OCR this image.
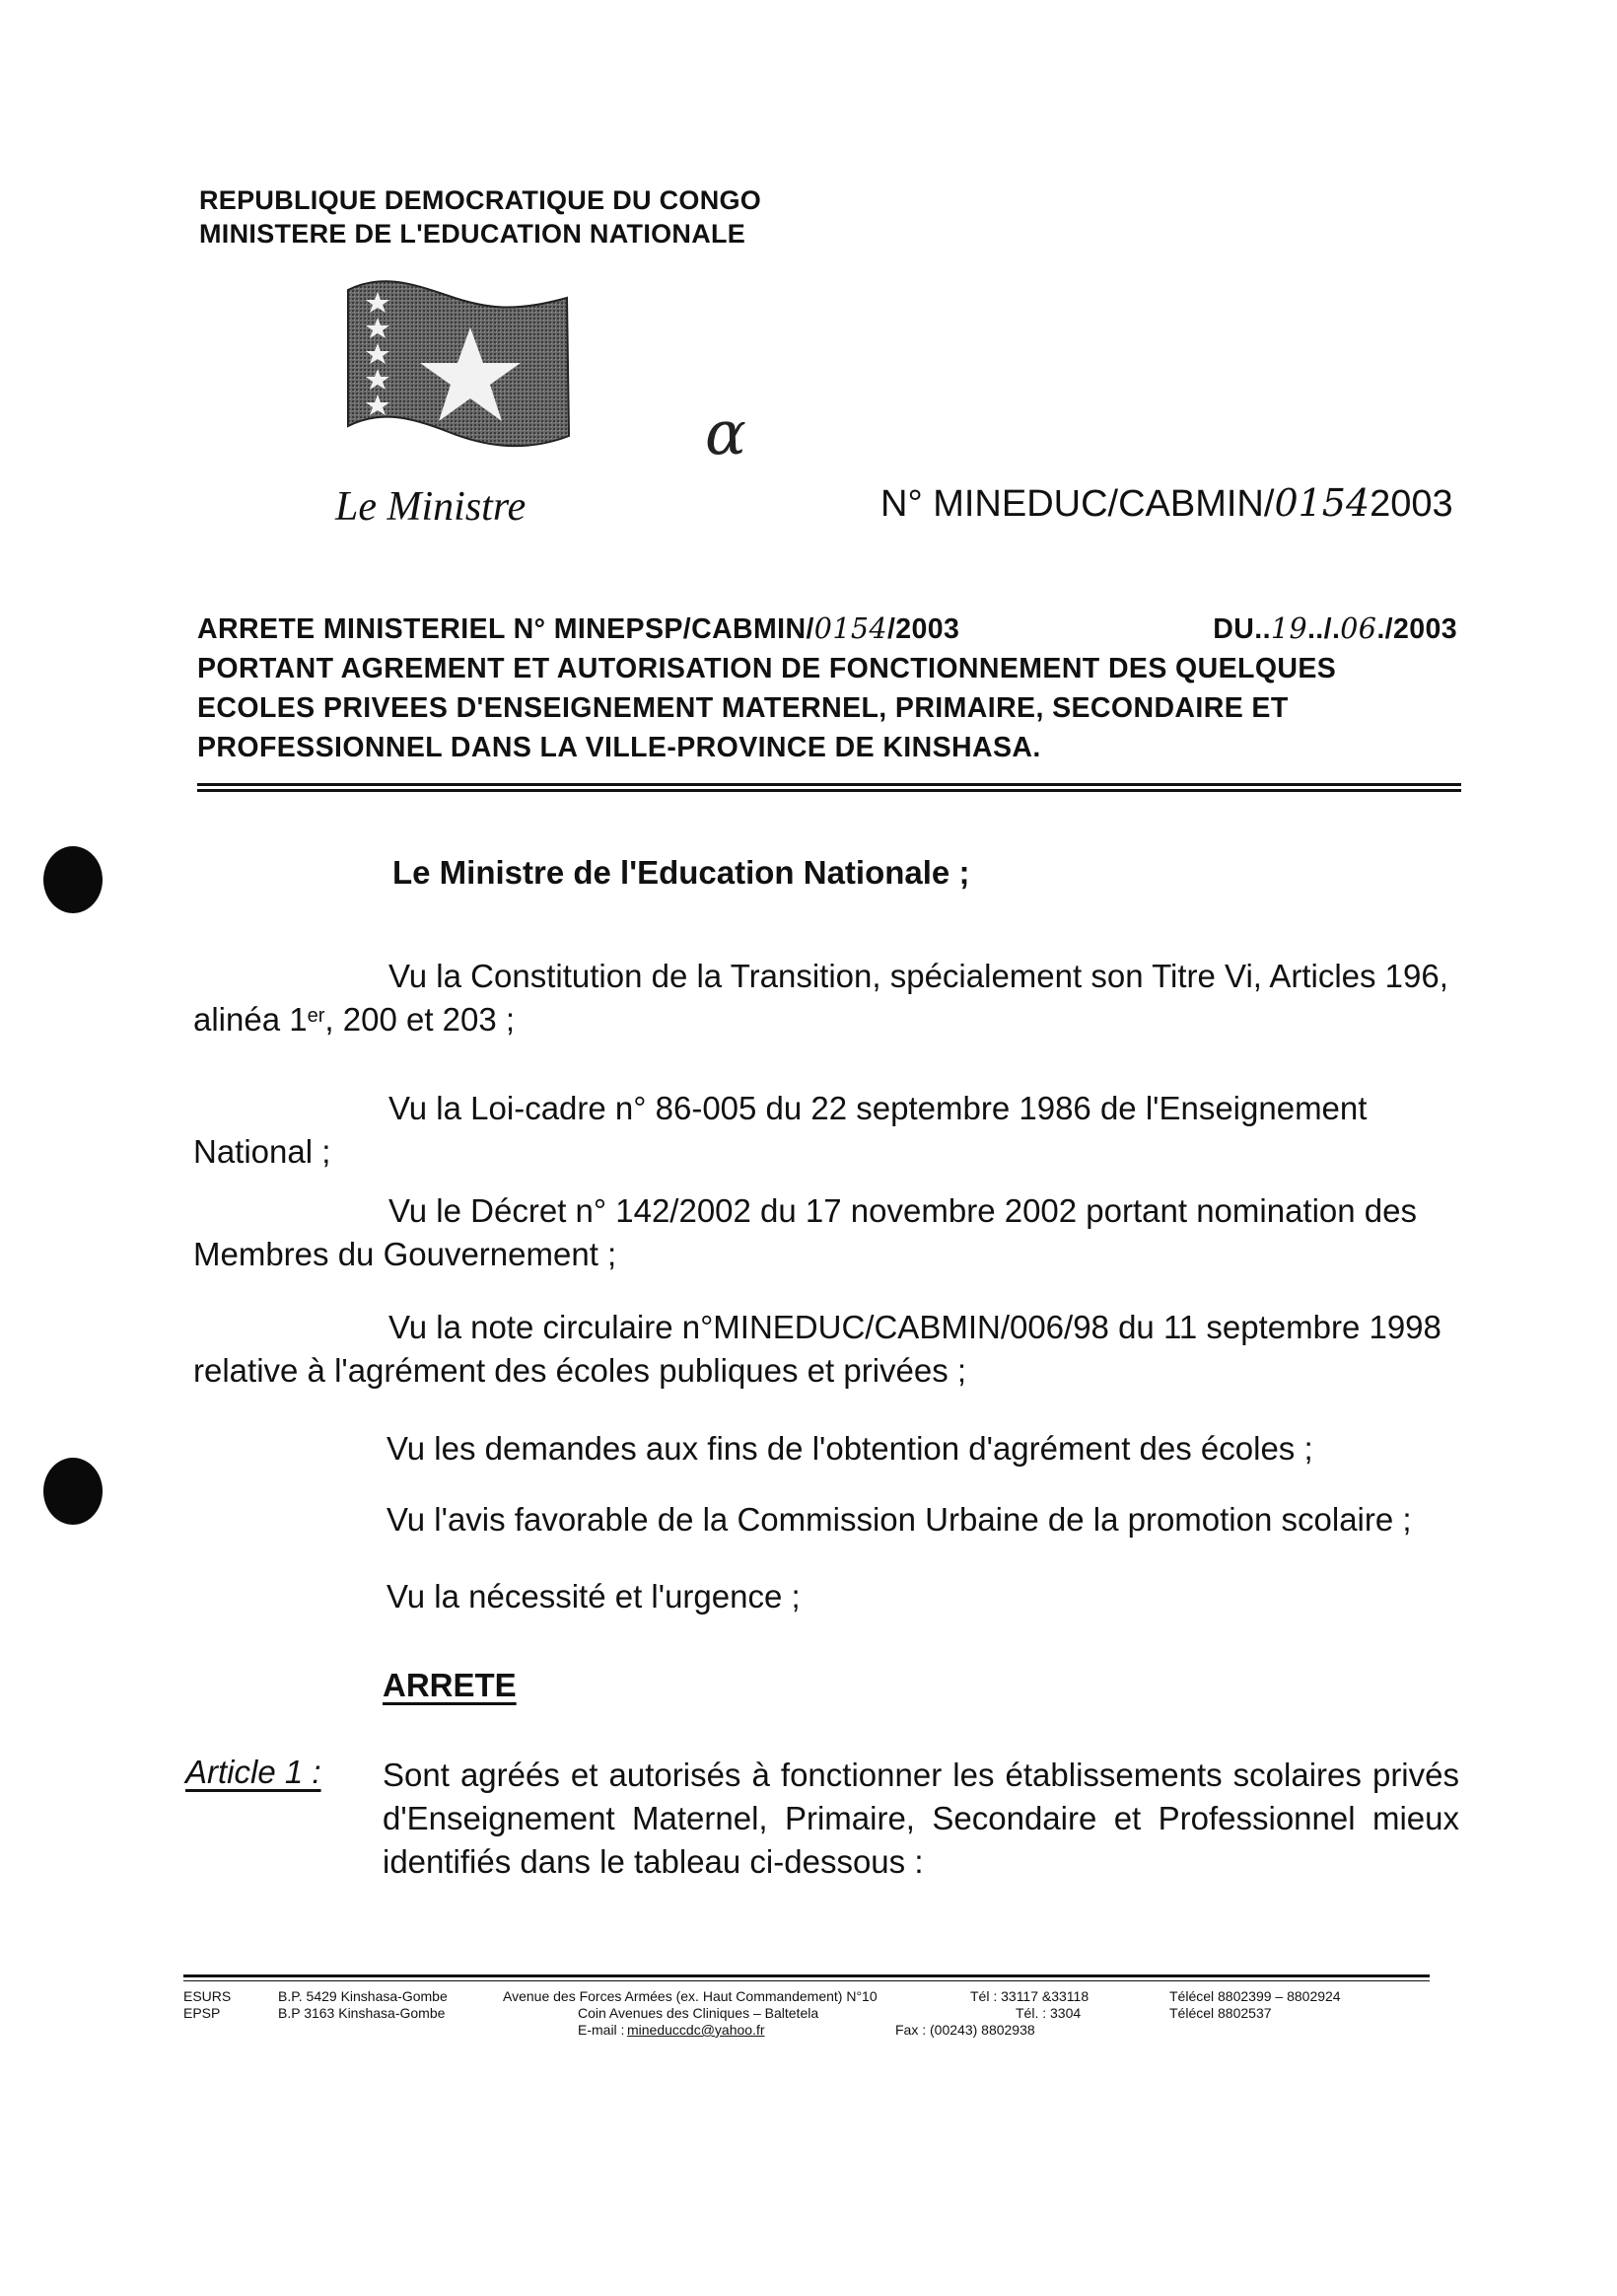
REPUBLIQUE DEMOCRATIQUE DU CONGO
MINISTERE DE L'EDUCATION NATIONALE
ɑ
Le Ministre	N° MINEDUC/CABMIN/01542003
ARRETE MINISTERIEL N° MINEPSP/CABMIN/0154/2003	DU..19../.06./2003
PORTANT AGREMENT ET AUTORISATION DE FONCTIONNEMENT DES QUELQUES
ECOLES PRIVEES D'ENSEIGNEMENT MATERNEL, PRIMAIRE, SECONDAIRE ET
PROFESSIONNEL DANS LA VILLE-PROVINCE DE KINSHASA.
Le Ministre de l'Education Nationale ;
Vu la Constitution de la Transition, spécialement son Titre Vi, Articles 196,
alinéa 1er, 200 et 203 ;
Vu la Loi-cadre n° 86-005 du 22 septembre 1986 de l'Enseignement
National ;
Vu le Décret n° 142/2002 du 17 novembre 2002 portant nomination des
Membres du Gouvernement ;
Vu la note circulaire n°MINEDUC/CABMIN/006/98 du 11 septembre 1998
relative à l'agrément des écoles publiques et privées ;
Vu les demandes aux fins de l'obtention d'agrément des écoles ;
Vu l'avis favorable de la Commission Urbaine de la promotion scolaire ;
Vu la nécessité et l'urgence ;
ARRETE
Article 1 : Sont agréés et autorisés à fonctionner les établissements scolaires privés d'Enseignement Maternel, Primaire, Secondaire et Professionnel mieux identifiés dans le tableau ci-dessous :
ESURS	B.P. 5429 Kinshasa-Gombe	Avenue des Forces Armées (ex. Haut Commandement) N°10	Tél : 33117 &33118	Télécel 8802399 – 8802924
EPSP	B.P 3163 Kinshasa-Gombe	Coin Avenues des Cliniques – Baltetela	Tél. : 3304	Télécel 8802537
E-mail : mineduccdc@yahoo.fr	Fax : (00243) 8802938
